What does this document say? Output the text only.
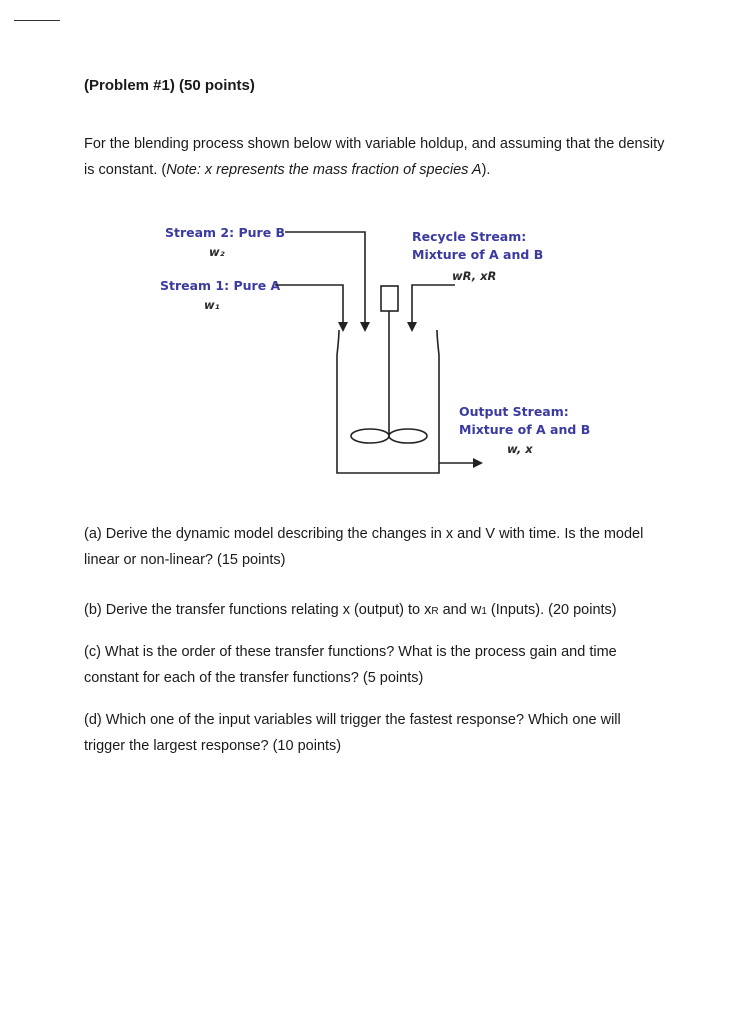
(Problem #1) (50 points)
For the blending process shown below with variable holdup, and assuming that the density is constant. (Note: x represents the mass fraction of species A).
Stream 2: Pure B
w₂
Stream 1: Pure A
w₁
Recycle Stream:
Mixture of A and B
wR, xR
Output Stream:
Mixture of A and B
w, x
(a) Derive the dynamic model describing the changes in x and V with time. Is the model linear or non-linear? (15 points)
(b) Derive the transfer functions relating x (output) to xR and w1 (Inputs). (20 points)
(c) What is the order of these transfer functions? What is the process gain and time constant for each of the transfer functions? (5 points)
(d) Which one of the input variables will trigger the fastest response? Which one will trigger the largest response? (10 points)
